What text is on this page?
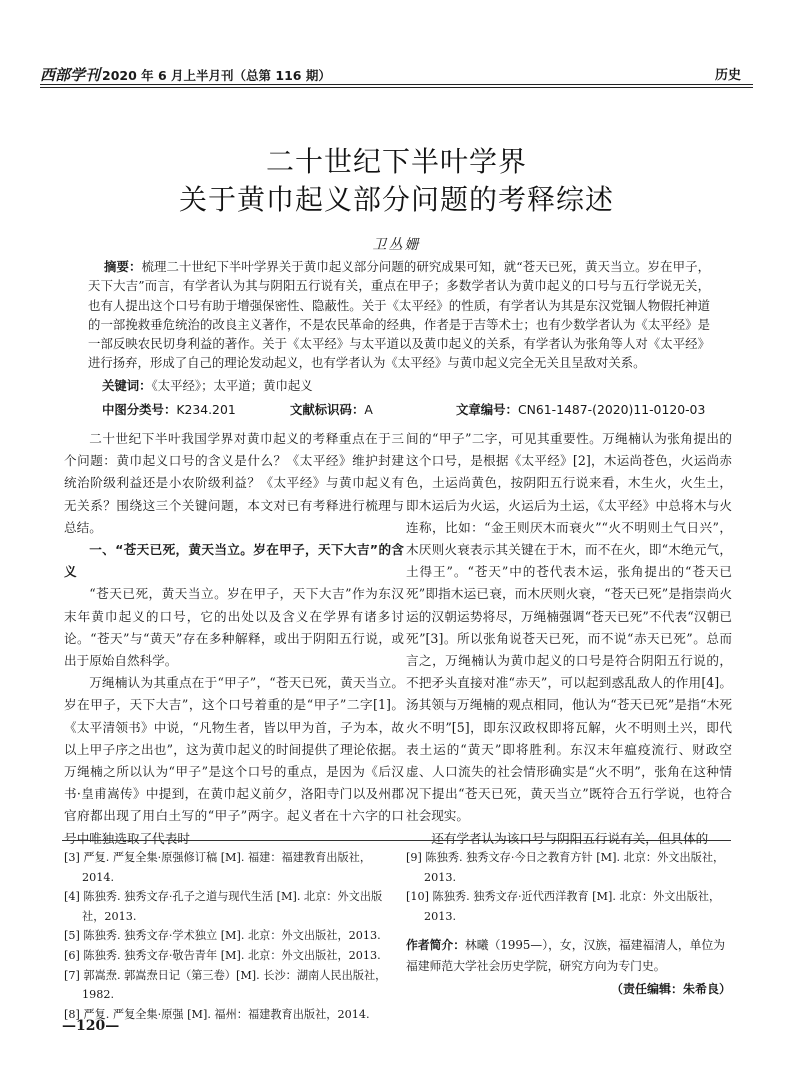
西部学刊 2020 年 6 月上半月刊（总第 116 期）	历史
二十世纪下半叶学界
关于黄巾起义部分问题的考释综述
卫丛姗
摘要：梳理二十世纪下半叶学界关于黄巾起义部分问题的研究成果可知，就“苍天已死，黄天当立。岁在甲子，天下大吉”而言，有学者认为其与阴阳五行说有关，重点在甲子；多数学者认为黄巾起义的口号与五行学说无关，也有人提出这个口号有助于增强保密性、隐蔽性。关于《太平经》的性质，有学者认为其是东汉党锢人物假托神道的一部挽救垂危统治的改良主义著作，不是农民革命的经典，作者是于吉等术士；也有少数学者认为《太平经》是一部反映农民切身利益的著作。关于《太平经》与太平道以及黄巾起义的关系，有学者认为张角等人对《太平经》进行扬弃，形成了自己的理论发动起义，也有学者认为《太平经》与黄巾起义完全无关且呈敌对关系。
关键词：《太平经》；太平道；黄巾起义
中图分类号：K234.201	文献标识码：A	文章编号：CN61-1487-(2020)11-0120-03

二十世纪下半叶我国学界对黄巾起义的考释重点在于三个问题：黄巾起义口号的含义是什么？《太平经》维护封建统治阶级利益还是小农阶级利益？《太平经》与黄巾起义有无关系？围绕这三个关键问题，本文对已有考释进行梳理与总结。

一、“苍天已死，黄天当立。岁在甲子，天下大吉”的含义

“苍天已死，黄天当立。岁在甲子，天下大吉”作为东汉末年黄巾起义的口号，它的出处以及含义在学界有诸多讨论。“苍天”与“黄天”存在多种解释，或出于阴阳五行说，或出于原始自然科学。

万绳楠认为其重点在于“甲子”，“苍天已死，黄天当立。岁在甲子，天下大吉”，这个口号着重的是“甲子”二字[1]。《太平清领书》中说，“凡物生者，皆以甲为首，子为本，故以上甲子序之出也”，这为黄巾起义的时间提供了理论依据。万绳楠之所以认为“甲子”是这个口号的重点，是因为《后汉书·皇甫嵩传》中提到，在黄巾起义前夕，洛阳寺门以及州郡官府都出现了用白土写的“甲子”两字。起义者在十六字的口号中唯独选取了代表时

间的“甲子”二字，可见其重要性。万绳楠认为张角提出的这个口号，是根据《太平经》[2]，木运尚苍色，火运尚赤色，土运尚黄色，按阴阳五行说来看，木生火，火生土，即木运后为火运，火运后为土运，《太平经》中总将木与火连称，比如：“金王则厌木而衰火”“火不明则土气日兴”，木厌则火衰表示其关键在于木，而不在火，即“木绝元气，土得王”。“苍天”中的苍代表木运，张角提出的“苍天已死”即指木运已衰，而木厌则火衰，“苍天已死”是指崇尚火运的汉朝运势将尽，万绳楠强调“苍天已死”不代表“汉朝已死”[3]。所以张角说苍天已死，而不说“赤天已死”。总而言之，万绳楠认为黄巾起义的口号是符合阴阳五行说的，不把矛头直接对准“赤天”，可以起到惑乱敌人的作用[4]。汤其领与万绳楠的观点相同，他认为“苍天已死”是指“木死火不明”[5]，即东汉政权即将瓦解，火不明则土兴，即代表土运的“黄天”即将胜利。东汉末年瘟疫流行、财政空虚、人口流失的社会情形确实是“火不明”，张角在这种情况下提出“苍天已死，黄天当立”既符合五行学说，也符合社会现实。

还有学者认为该口号与阴阳五行说有关，但具体的

[3] 严复. 严复全集·原强修订稿 [M]. 福建：福建教育出版社，2014.
[4] 陈独秀. 独秀文存·孔子之道与现代生活 [M]. 北京：外文出版社，2013.
[5] 陈独秀. 独秀文存·学术独立 [M]. 北京：外文出版社，2013.
[6] 陈独秀. 独秀文存·敬告青年 [M]. 北京：外文出版社，2013.
[7] 郭嵩焘. 郭嵩焘日记（第三卷）[M]. 长沙：湖南人民出版社，1982.
[8] 严复. 严复全集·原强 [M]. 福州：福建教育出版社，2014.
[9] 陈独秀. 独秀文存·今日之教育方针 [M]. 北京：外文出版社，2013.
[10] 陈独秀. 独秀文存·近代西洋教育 [M]. 北京：外文出版社，2013.
作者简介：林曦（1995—），女，汉族，福建福清人，单位为福建师范大学社会历史学院，研究方向为专门史。
（责任编辑：朱希良）
—120—
